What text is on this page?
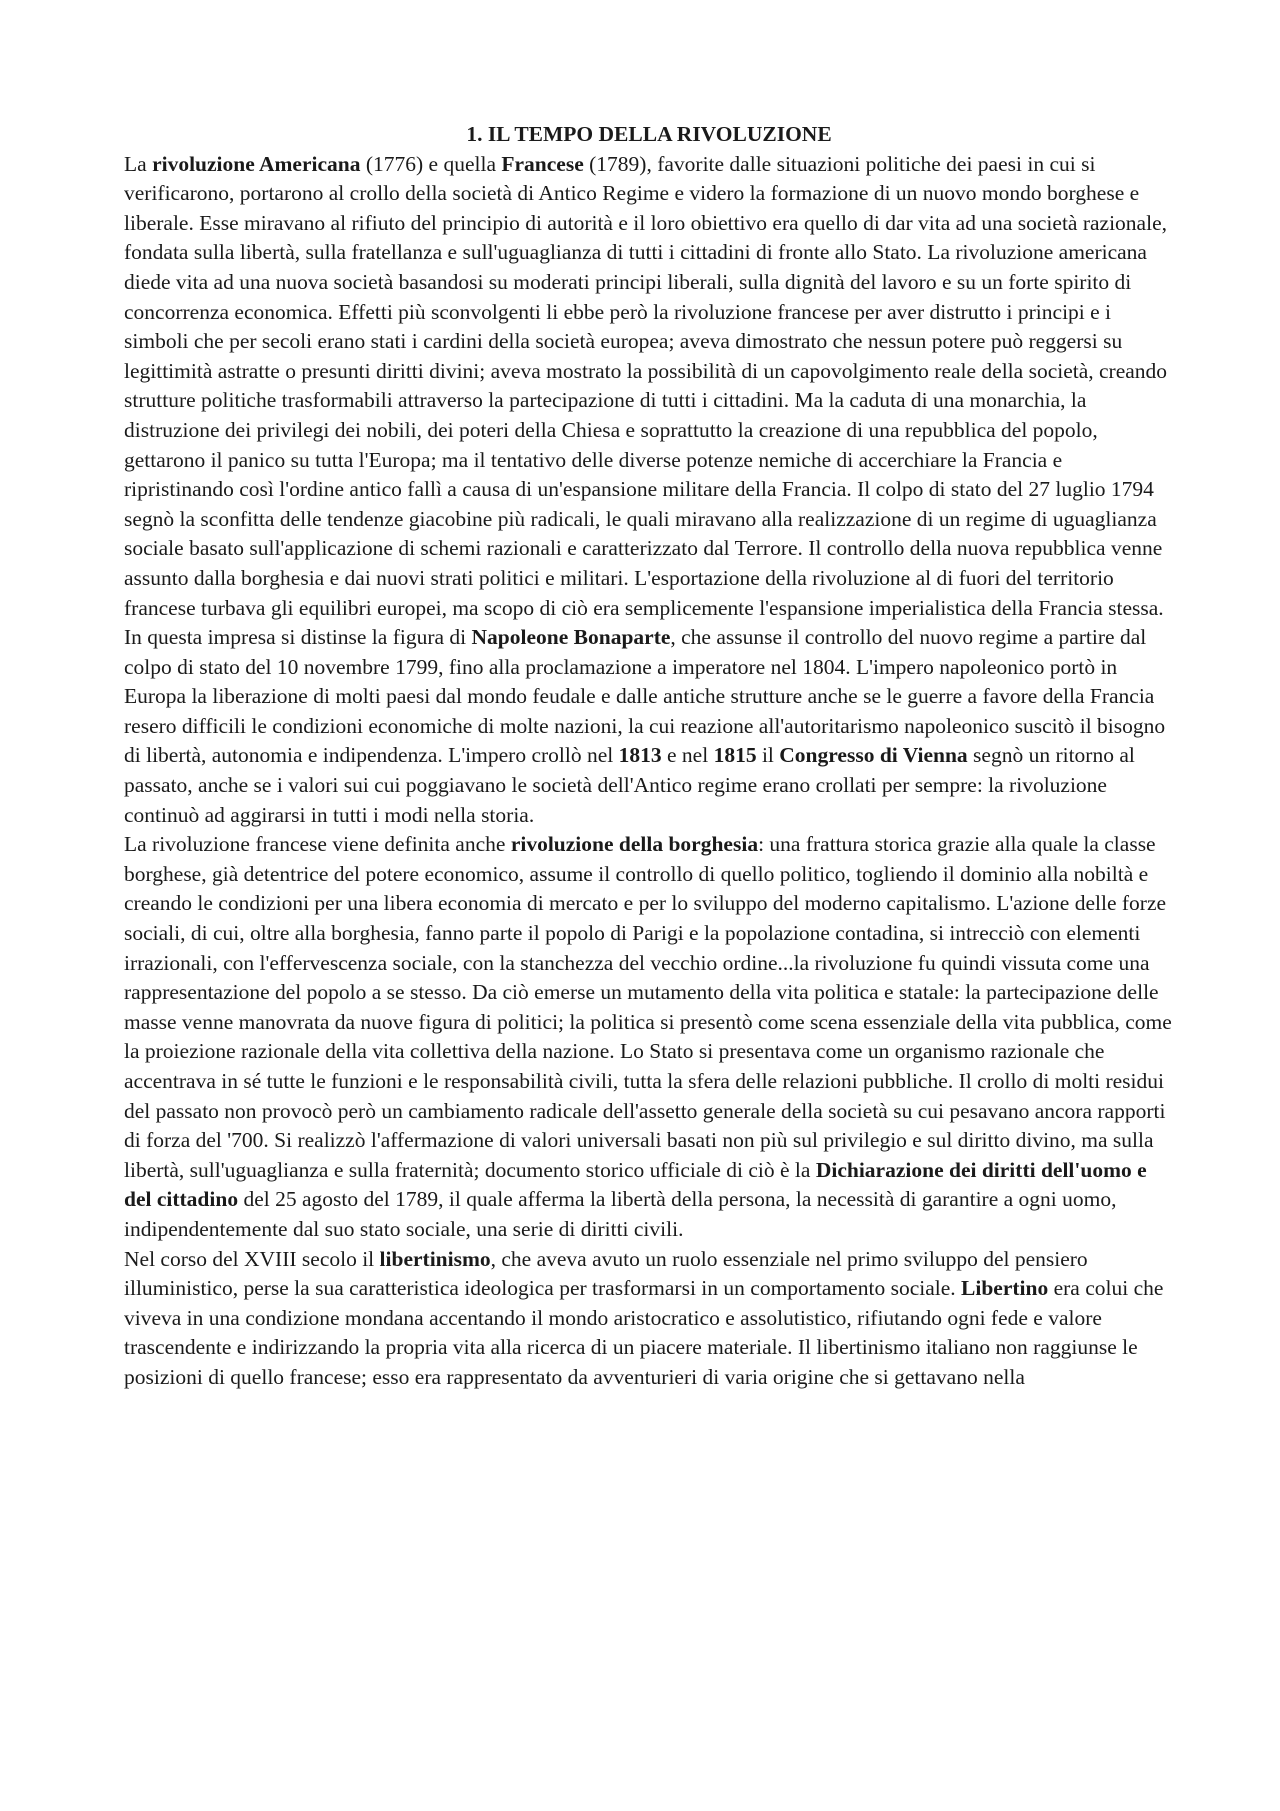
1. IL TEMPO DELLA RIVOLUZIONE

La rivoluzione Americana (1776) e quella Francese (1789), favorite dalle situazioni politiche dei paesi in cui si verificarono, portarono al crollo della società di Antico Regime e videro la formazione di un nuovo mondo borghese e liberale. Esse miravano al rifiuto del principio di autorità e il loro obiettivo era quello di dar vita ad una società razionale, fondata sulla libertà, sulla fratellanza e sull'uguaglianza di tutti i cittadini di fronte allo Stato. La rivoluzione americana diede vita ad una nuova società basandosi su moderati principi liberali, sulla dignità del lavoro e su un forte spirito di concorrenza economica. Effetti più sconvolgenti li ebbe però la rivoluzione francese per aver distrutto i principi e i simboli che per secoli erano stati i cardini della società europea; aveva dimostrato che nessun potere può reggersi su legittimità astratte o presunti diritti divini; aveva mostrato la possibilità di un capovolgimento reale della società, creando strutture politiche trasformabili attraverso la partecipazione di tutti i cittadini. Ma la caduta di una monarchia, la distruzione dei privilegi dei nobili, dei poteri della Chiesa e soprattutto la creazione di una repubblica del popolo, gettarono il panico su tutta l'Europa; ma il tentativo delle diverse potenze nemiche di accerchiare la Francia e ripristinando così l'ordine antico fallì a causa di un'espansione militare della Francia. Il colpo di stato del 27 luglio 1794 segnò la sconfitta delle tendenze giacobine più radicali, le quali miravano alla realizzazione di un regime di uguaglianza sociale basato sull'applicazione di schemi razionali e caratterizzato dal Terrore. Il controllo della nuova repubblica venne assunto dalla borghesia e dai nuovi strati politici e militari. L'esportazione della rivoluzione al di fuori del territorio francese turbava gli equilibri europei, ma scopo di ciò era semplicemente l'espansione imperialistica della Francia stessa. In questa impresa si distinse la figura di Napoleone Bonaparte, che assunse il controllo del nuovo regime a partire dal colpo di stato del 10 novembre 1799, fino alla proclamazione a imperatore nel 1804. L'impero napoleonico portò in Europa la liberazione di molti paesi dal mondo feudale e dalle antiche strutture anche se le guerre a favore della Francia resero difficili le condizioni economiche di molte nazioni, la cui reazione all'autoritarismo napoleonico suscitò il bisogno di libertà, autonomia e indipendenza. L'impero crollò nel 1813 e nel 1815 il Congresso di Vienna segnò un ritorno al passato, anche se i valori sui cui poggiavano le società dell'Antico regime erano crollati per sempre: la rivoluzione continuò ad aggirarsi in tutti i modi nella storia.

La rivoluzione francese viene definita anche rivoluzione della borghesia: una frattura storica grazie alla quale la classe borghese, già detentrice del potere economico, assume il controllo di quello politico, togliendo il dominio alla nobiltà e creando le condizioni per una libera economia di mercato e per lo sviluppo del moderno capitalismo. L'azione delle forze sociali, di cui, oltre alla borghesia, fanno parte il popolo di Parigi e la popolazione contadina, si intrecciò con elementi irrazionali, con l'effervescenza sociale, con la stanchezza del vecchio ordine...la rivoluzione fu quindi vissuta come una rappresentazione del popolo a se stesso. Da ciò emerse un mutamento della vita politica e statale: la partecipazione delle masse venne manovrata da nuove figura di politici; la politica si presentò come scena essenziale della vita pubblica, come la proiezione razionale della vita collettiva della nazione. Lo Stato si presentava come un organismo razionale che accentrava in sé tutte le funzioni e le responsabilità civili, tutta la sfera delle relazioni pubbliche. Il crollo di molti residui del passato non provocò però un cambiamento radicale dell'assetto generale della società su cui pesavano ancora rapporti di forza del '700. Si realizzò l'affermazione di valori universali basati non più sul privilegio e sul diritto divino, ma sulla libertà, sull'uguaglianza e sulla fraternità; documento storico ufficiale di ciò è la Dichiarazione dei diritti dell'uomo e del cittadino del 25 agosto del 1789, il quale afferma la libertà della persona, la necessità di garantire a ogni uomo, indipendentemente dal suo stato sociale, una serie di diritti civili.

Nel corso del XVIII secolo il libertinismo, che aveva avuto un ruolo essenziale nel primo sviluppo del pensiero illuministico, perse la sua caratteristica ideologica per trasformarsi in un comportamento sociale. Libertino era colui che viveva in una condizione mondana accentando il mondo aristocratico e assolutistico, rifiutando ogni fede e valore trascendente e indirizzando la propria vita alla ricerca di un piacere materiale. Il libertinismo italiano non raggiunse le posizioni di quello francese; esso era rappresentato da avventurieri di varia origine che si gettavano nella
